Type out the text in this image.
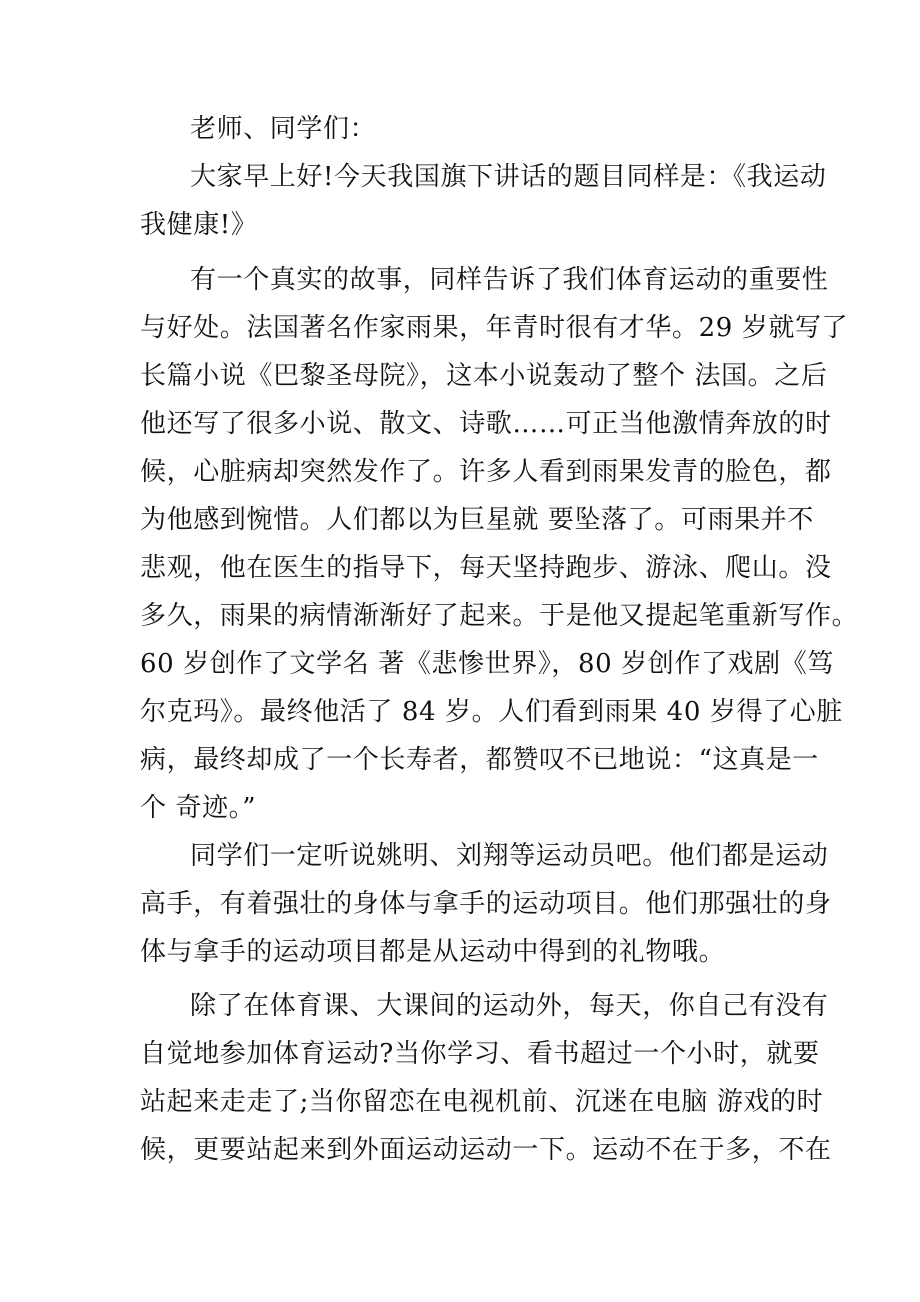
老师、同学们：
大家早上好!今天我国旗下讲话的题目同样是：《我运动
我健康!》
有一个真实的故事，同样告诉了我们体育运动的重要性
与好处。法国著名作家雨果，年青时很有才华。29 岁就写了
长篇小说《巴黎圣母院》，这本小说轰动了整个 法国。之后
他还写了很多小说、散文、诗歌……可正当他激情奔放的时
候，心脏病却突然发作了。许多人看到雨果发青的脸色，都
为他感到惋惜。人们都以为巨星就 要坠落了。可雨果并不
悲观，他在医生的指导下，每天坚持跑步、游泳、爬山。没
多久，雨果的病情渐渐好了起来。于是他又提起笔重新写作。
60 岁创作了文学名 著《悲惨世界》，80 岁创作了戏剧《笃
尔克玛》。最终他活了 84 岁。人们看到雨果 40 岁得了心脏
病，最终却成了一个长寿者，都赞叹不已地说：“这真是一
个 奇迹。”
同学们一定听说姚明、刘翔等运动员吧。他们都是运动
高手，有着强壮的身体与拿手的运动项目。他们那强壮的身
体与拿手的运动项目都是从运动中得到的礼物哦。
除了在体育课、大课间的运动外，每天，你自己有没有
自觉地参加体育运动?当你学习、看书超过一个小时，就要
站起来走走了;当你留恋在电视机前、沉迷在电脑 游戏的时
候，更要站起来到外面运动运动一下。运动不在于多，不在
